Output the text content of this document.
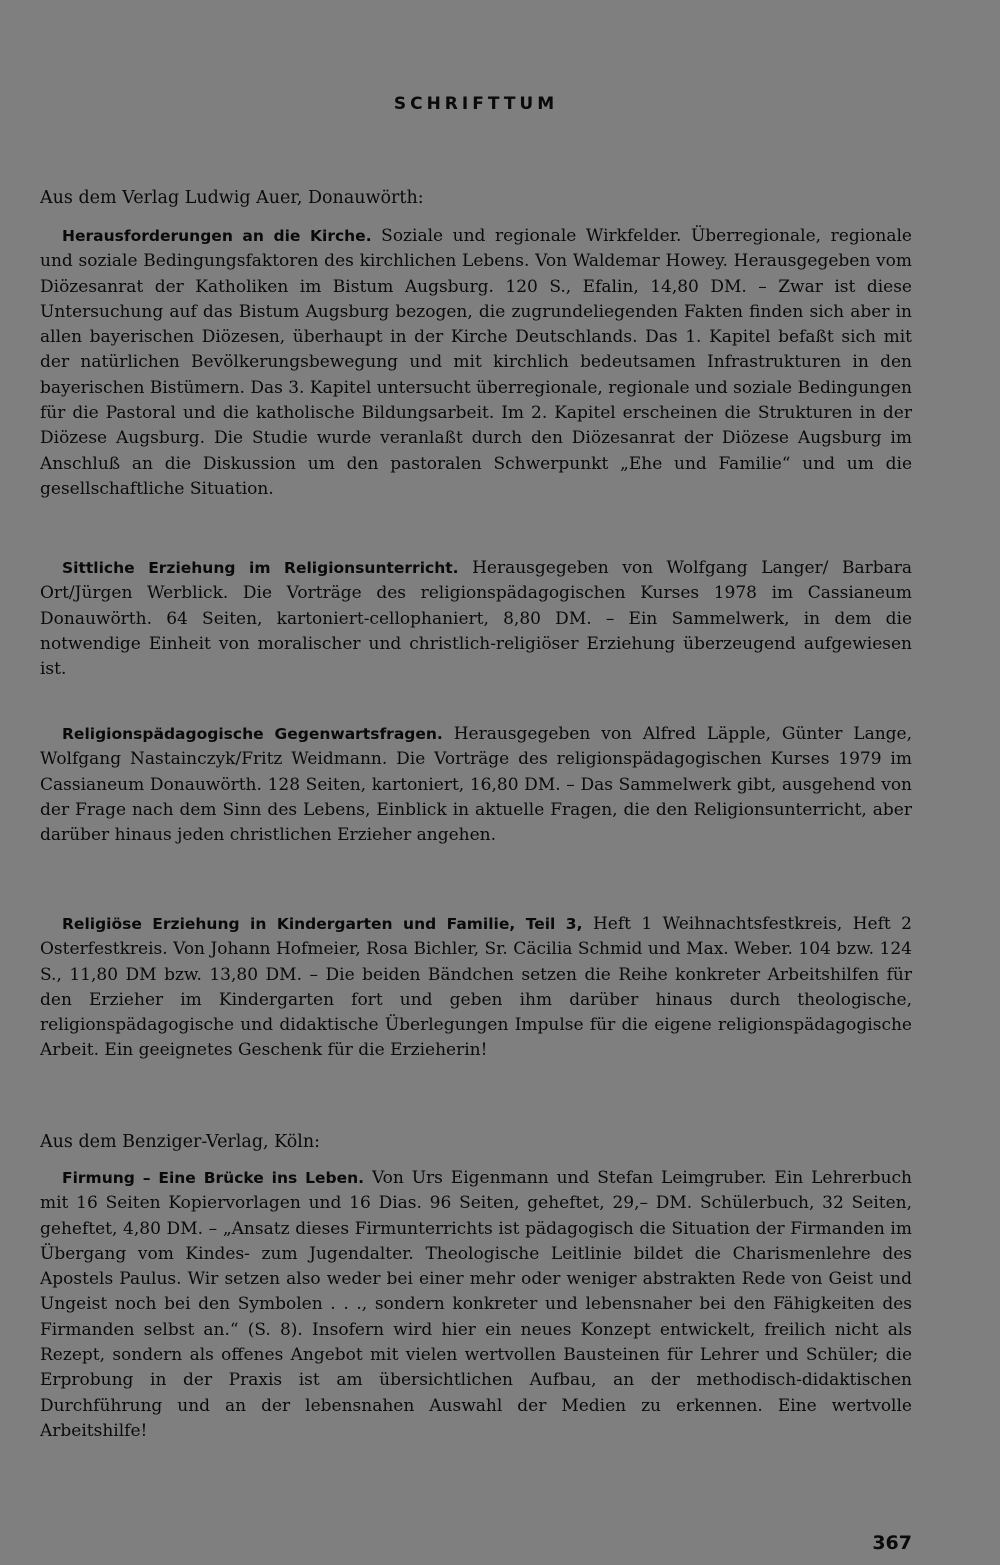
SCHRIFTTUM
Aus dem Verlag Ludwig Auer, Donauwörth:
Herausforderungen an die Kirche. Soziale und regionale Wirkfelder. Überregionale, regionale und soziale Bedingungsfaktoren des kirchlichen Lebens. Von Waldemar Howey. Herausgegeben vom Diözesanrat der Katholiken im Bistum Augsburg. 120 S., Efalin, 14,80 DM. – Zwar ist diese Untersuchung auf das Bistum Augsburg bezogen, die zugrundeliegenden Fakten finden sich aber in allen bayerischen Diözesen, überhaupt in der Kirche Deutschlands. Das 1. Kapitel befaßt sich mit der natürlichen Bevölkerungsbewegung und mit kirchlich bedeutsamen Infrastrukturen in den bayerischen Bistümern. Das 3. Kapitel untersucht überregionale, regionale und soziale Bedingungen für die Pastoral und die katholische Bildungsarbeit. Im 2. Kapitel erscheinen die Strukturen in der Diözese Augsburg. Die Studie wurde veranlaßt durch den Diözesanrat der Diözese Augsburg im Anschluß an die Diskussion um den pastoralen Schwerpunkt „Ehe und Familie“ und um die gesellschaftliche Situation.
Sittliche Erziehung im Religionsunterricht. Herausgegeben von Wolfgang Langer/ Barbara Ort/Jürgen Werblick. Die Vorträge des religionspädagogischen Kurses 1978 im Cassianeum Donauwörth. 64 Seiten, kartoniert-cellophaniert, 8,80 DM. – Ein Sammelwerk, in dem die notwendige Einheit von moralischer und christlich-religiöser Erziehung überzeugend aufgewiesen ist.
Religionspädagogische Gegenwartsfragen. Herausgegeben von Alfred Läpple, Günter Lange, Wolfgang Nastainczyk/Fritz Weidmann. Die Vorträge des religionspädagogischen Kurses 1979 im Cassianeum Donauwörth. 128 Seiten, kartoniert, 16,80 DM. – Das Sammelwerk gibt, ausgehend von der Frage nach dem Sinn des Lebens, Einblick in aktuelle Fragen, die den Religionsunterricht, aber darüber hinaus jeden christlichen Erzieher angehen.
Religiöse Erziehung in Kindergarten und Familie, Teil 3, Heft 1 Weihnachtsfestkreis, Heft 2 Osterfestkreis. Von Johann Hofmeier, Rosa Bichler, Sr. Cäcilia Schmid und Max. Weber. 104 bzw. 124 S., 11,80 DM bzw. 13,80 DM. – Die beiden Bändchen setzen die Reihe konkreter Arbeitshilfen für den Erzieher im Kindergarten fort und geben ihm darüber hinaus durch theologische, religionspädagogische und didaktische Überlegungen Impulse für die eigene religionspädagogische Arbeit. Ein geeignetes Geschenk für die Erzieherin!
Aus dem Benziger-Verlag, Köln:
Firmung – Eine Brücke ins Leben. Von Urs Eigenmann und Stefan Leimgruber. Ein Lehrerbuch mit 16 Seiten Kopiervorlagen und 16 Dias. 96 Seiten, geheftet, 29,– DM. Schülerbuch, 32 Seiten, geheftet, 4,80 DM. – „Ansatz dieses Firmunterrichts ist pädagogisch die Situation der Firmanden im Übergang vom Kindes- zum Jugendalter. Theologische Leitlinie bildet die Charismenlehre des Apostels Paulus. Wir setzen also weder bei einer mehr oder weniger abstrakten Rede von Geist und Ungeist noch bei den Symbolen . . ., sondern konkreter und lebensnaher bei den Fähigkeiten des Firmanden selbst an.“ (S. 8). Insofern wird hier ein neues Konzept entwickelt, freilich nicht als Rezept, sondern als offenes Angebot mit vielen wertvollen Bausteinen für Lehrer und Schüler; die Erprobung in der Praxis ist am übersichtlichen Aufbau, an der methodisch-didaktischen Durchführung und an der lebensnahen Auswahl der Medien zu erkennen. Eine wertvolle Arbeitshilfe!
367
